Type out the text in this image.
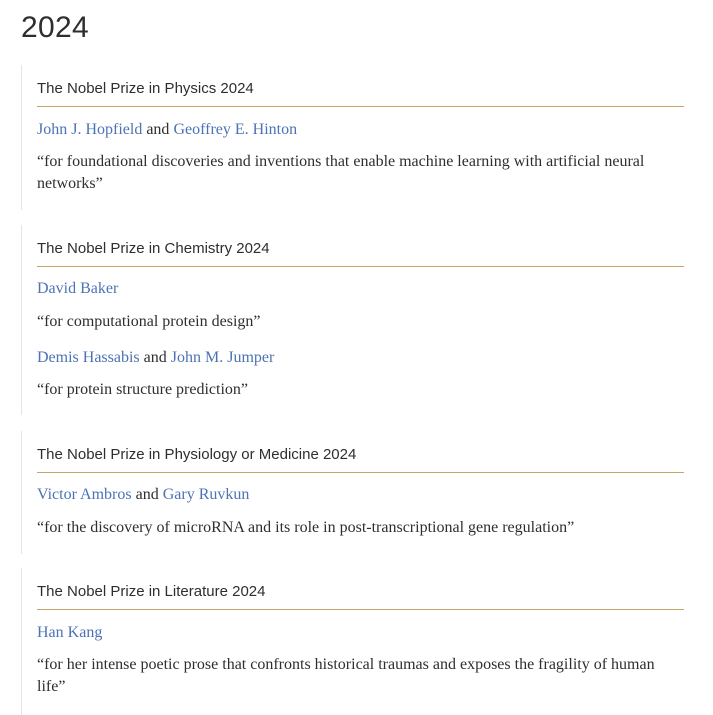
2024
The Nobel Prize in Physics 2024
John J. Hopfield and Geoffrey E. Hinton

“for foundational discoveries and inventions that enable machine learning with artificial neural networks”

The Nobel Prize in Chemistry 2024
David Baker

“for computational protein design”

Demis Hassabis and John M. Jumper

“for protein structure prediction”

The Nobel Prize in Physiology or Medicine 2024
Victor Ambros and Gary Ruvkun

“for the discovery of microRNA and its role in post-transcriptional gene regulation”

The Nobel Prize in Literature 2024
Han Kang

“for her intense poetic prose that confronts historical traumas and exposes the fragility of human life”
